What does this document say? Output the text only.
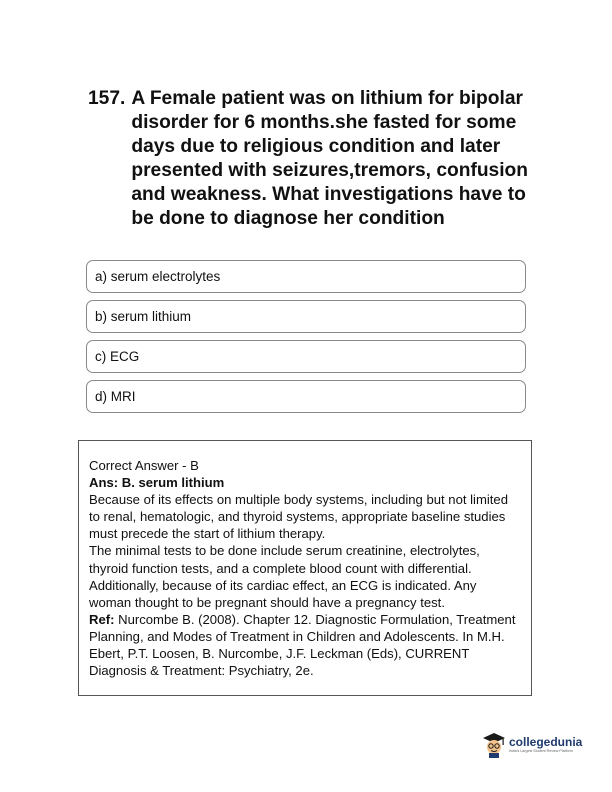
157. A Female patient was on lithium for bipolar disorder for 6 months.she fasted for some days due to religious condition and later presented with seizures,tremors, confusion and weakness. What investigations have to be done to diagnose her condition
a) serum electrolytes
b) serum lithium
c) ECG
d) MRI

Correct Answer - B

Ans: B. serum lithium

Because of its effects on multiple body systems, including but not limited to renal, hematologic, and thyroid systems, appropriate baseline studies must precede the start of lithium therapy.

The minimal tests to be done include serum creatinine, electrolytes, thyroid function tests, and a complete blood count with differential. Additionally, because of its cardiac effect, an ECG is indicated. Any woman thought to be pregnant should have a pregnancy test.

Ref: Nurcombe B. (2008). Chapter 12. Diagnostic Formulation, Treatment Planning, and Modes of Treatment in Children and Adolescents. In M.H. Ebert, P.T. Loosen, B. Nurcombe, J.F. Leckman (Eds), CURRENT Diagnosis & Treatment: Psychiatry, 2e.

collegedunia
India's Largest Student Review Platform
